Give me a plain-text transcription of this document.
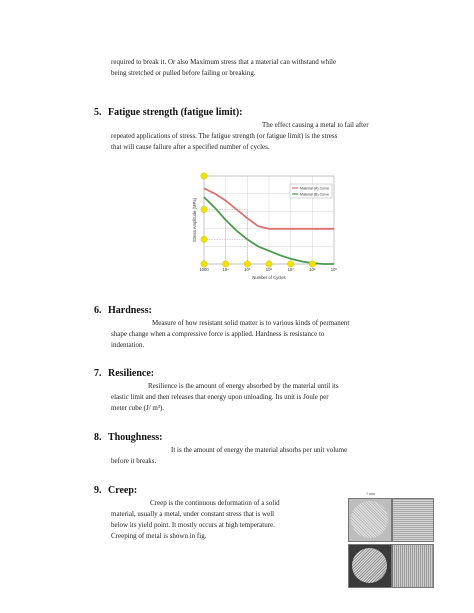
required to break it. Or also Maximum stress that a material can withstand while
being stretched or pulled before failing or breaking.
5. Fatigue strength (fatigue limit):
The effect causing a metal to fail after
repeated applications of stress. The fatigue strength (or fatigue limit) is the stress
that will cause failure after a specified number of cycles.
Material (A) Curve
Material (B) Curve
1000	10⁴	10⁵	10⁶	10⁷	10⁸	10⁹
Number of Cycles
Stress Amplitude (MPa)
6. Hardness:
Measure of how resistant solid matter is to various kinds of permanent
shape change when a compressive force is applied. Hardness is resistance to
indentation.
7. Resilience:
Resilience is the amount of energy absorbed by the material until its
elastic limit and then releases that energy upon unloading. Its unit is Joule per
meter cube (J/ m³).
8. Thoughness:
It is the amount of energy the material absorbs per unit volume
before it breaks.
9. Creep:
Creep is the continuous deformation of a solid
material, usually a metal, under constant stress that is well
below its yield point. It mostly occurs at high temperature.
Creeping of metal is shown in fig.
1 mm
